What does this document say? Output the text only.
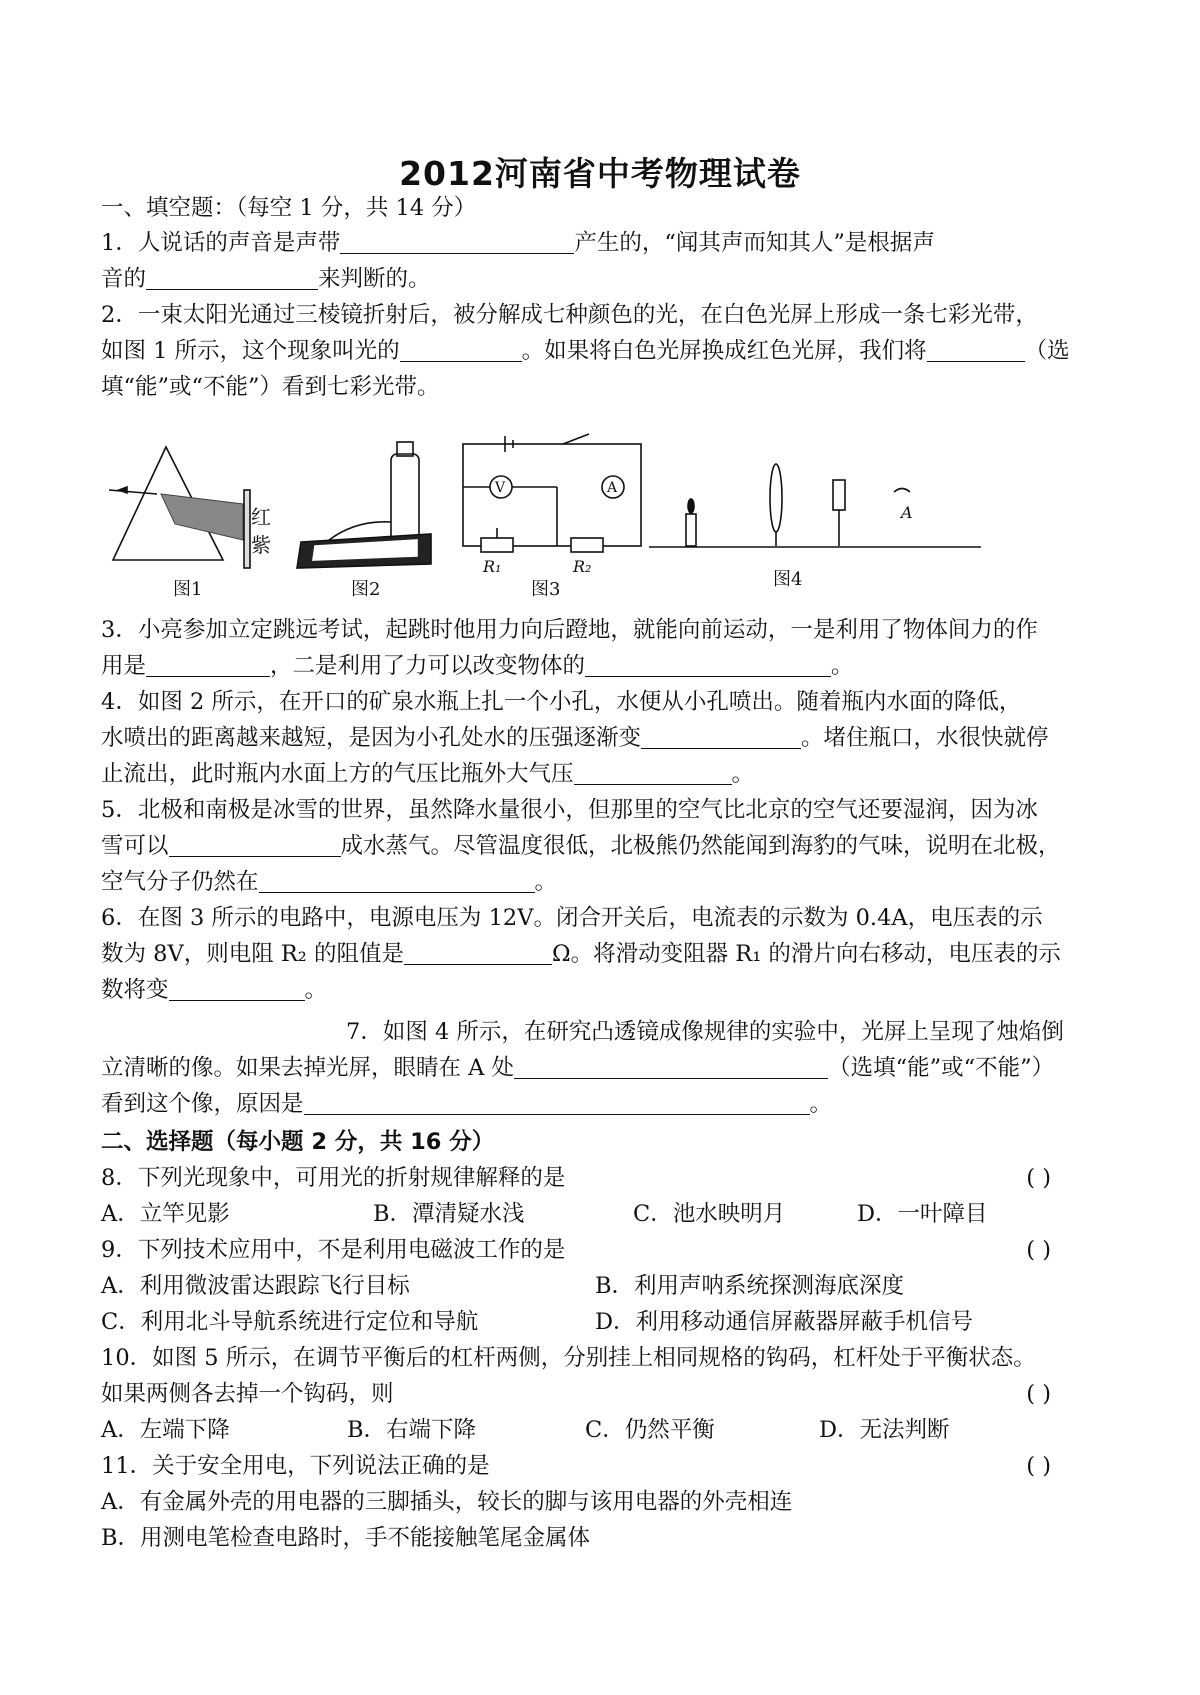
2012河南省中考物理试卷
一、填空题：（每空 1 分，共 14 分）
1．人说话的声音是声带	产生的，“闻其声而知其人”是根据声
音的	来判断的。
2．一束太阳光通过三棱镜折射后，被分解成七种颜色的光，在白色光屏上形成一条七彩光带，
如图 1 所示，这个现象叫光的	。如果将白色光屏换成红色光屏，我们将	（选
填“能”或“不能”）看到七彩光带。
红
紫
图1	图2
V	A
R₁	R₂
图3
A
图4
3．小亮参加立定跳远考试，起跳时他用力向后蹬地，就能向前运动，一是利用了物体间力的作
用是	，二是利用了力可以改变物体的	。
4．如图 2 所示，在开口的矿泉水瓶上扎一个小孔，水便从小孔喷出。随着瓶内水面的降低，
水喷出的距离越来越短，是因为小孔处水的压强逐渐变	。堵住瓶口，水很快就停
止流出，此时瓶内水面上方的气压比瓶外大气压	。
5．北极和南极是冰雪的世界，虽然降水量很小，但那里的空气比北京的空气还要湿润，因为冰
雪可以	成水蒸气。尽管温度很低，北极熊仍然能闻到海豹的气味，说明在北极，
空气分子仍然在	。
6．在图 3 所示的电路中，电源电压为 12V。闭合开关后，电流表的示数为 0.4A，电压表的示
数为 8V，则电阻 R₂ 的阻值是	Ω。将滑动变阻器 R₁ 的滑片向右移动，电压表的示
数将变	。
7．如图 4 所示，在研究凸透镜成像规律的实验中，光屏上呈现了烛焰倒
立清晰的像。如果去掉光屏，眼睛在 A 处	（选填“能”或“不能”）
看到这个像，原因是	。
二、选择题（每小题 2 分，共 16 分）
8．下列光现象中，可用光的折射规律解释的是	( )
A．立竿见影	B．潭清疑水浅	C．池水映明月	D．一叶障目
9．下列技术应用中，不是利用电磁波工作的是	( )
A．利用微波雷达跟踪飞行目标	B．利用声呐系统探测海底深度
C．利用北斗导航系统进行定位和导航	D．利用移动通信屏蔽器屏蔽手机信号
10．如图 5 所示，在调节平衡后的杠杆两侧，分别挂上相同规格的钩码，杠杆处于平衡状态。
如果两侧各去掉一个钩码，则	( )
A．左端下降	B．右端下降	C．仍然平衡	D．无法判断
11．关于安全用电，下列说法正确的是	( )
A．有金属外壳的用电器的三脚插头，较长的脚与该用电器的外壳相连
B．用测电笔检查电路时，手不能接触笔尾金属体
